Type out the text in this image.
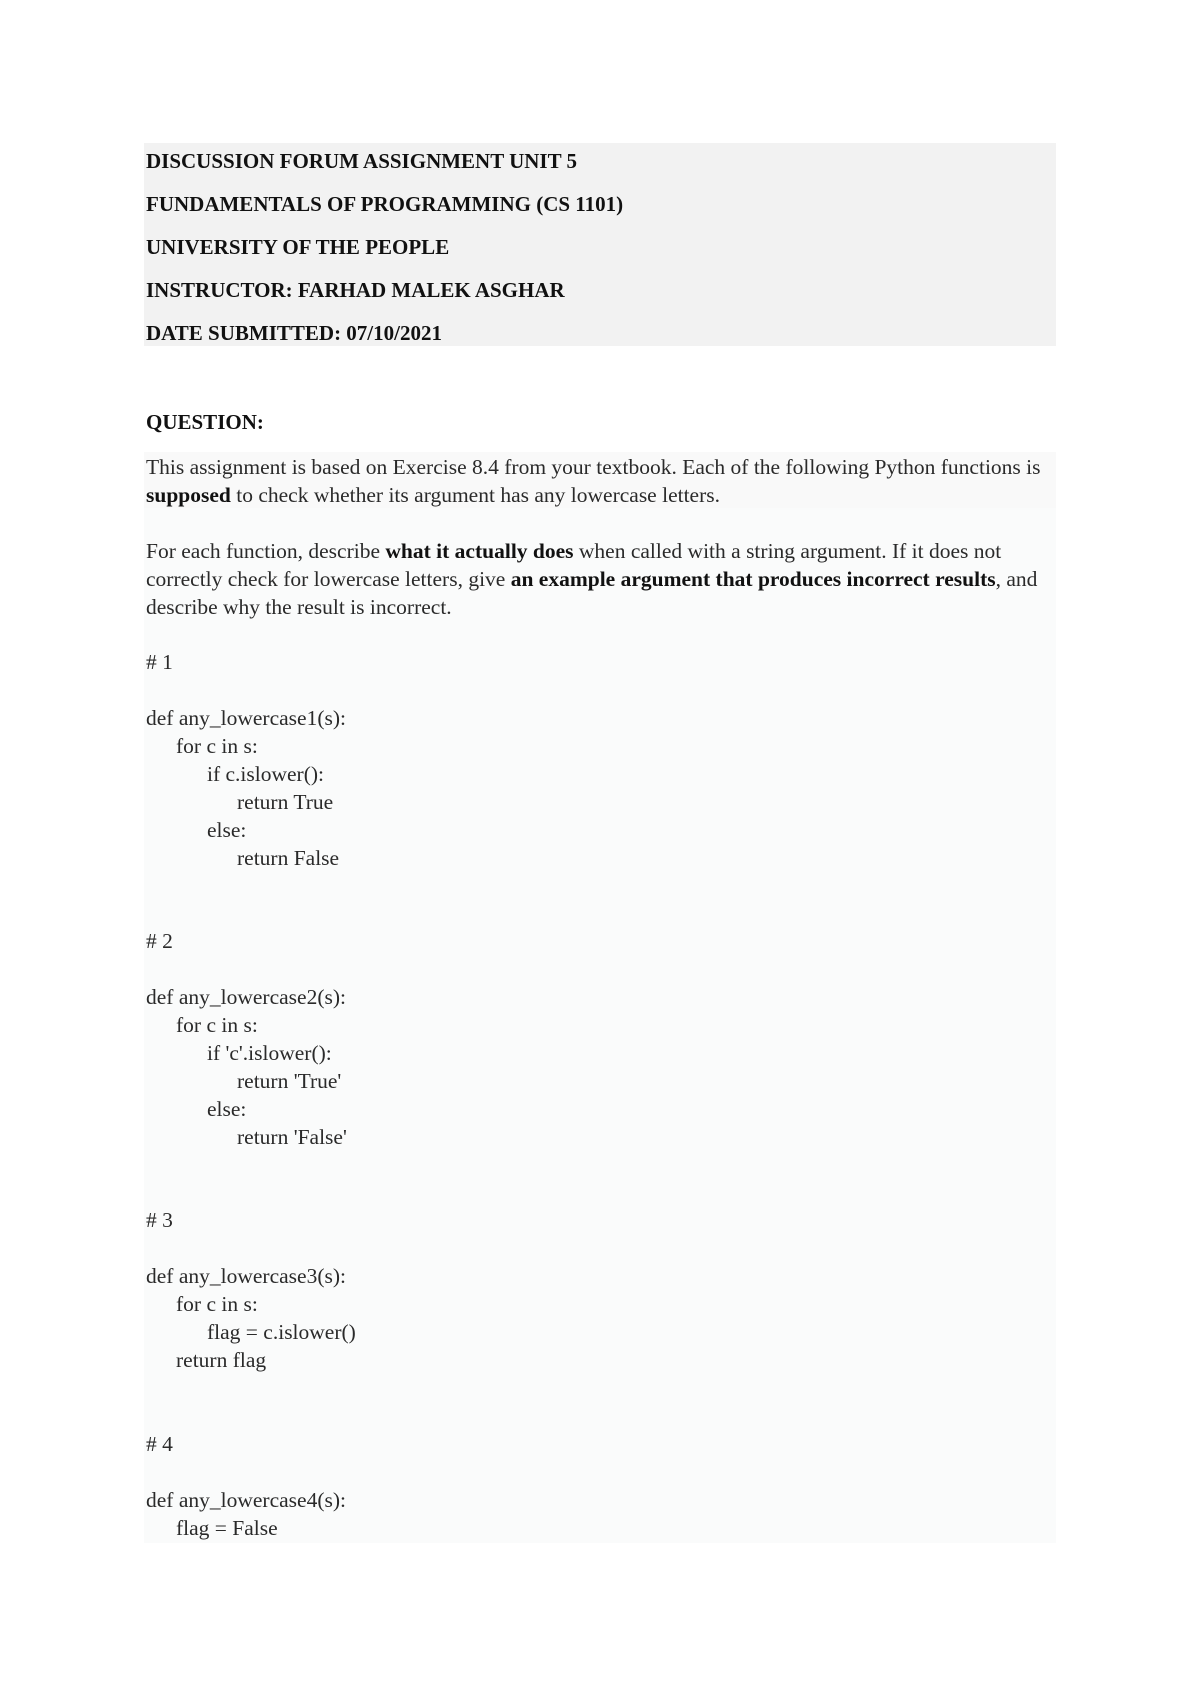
DISCUSSION FORUM ASSIGNMENT UNIT 5
FUNDAMENTALS OF PROGRAMMING (CS 1101)
UNIVERSITY OF THE PEOPLE
INSTRUCTOR: FARHAD MALEK ASGHAR
DATE SUBMITTED: 07/10/2021
QUESTION:

This assignment is based on Exercise 8.4 from your textbook. Each of the following Python functions is supposed to check whether its argument has any lowercase letters.

For each function, describe what it actually does when called with a string argument. If it does not correctly check for lowercase letters, give an example argument that produces incorrect results, and describe why the result is incorrect.

# 1
def any_lowercase1(s):
for c in s:
if c.islower():
return True
else:
return False
# 2
def any_lowercase2(s):
for c in s:
if 'c'.islower():
return 'True'
else:
return 'False'
# 3
def any_lowercase3(s):
for c in s:
flag = c.islower()
return flag
# 4
def any_lowercase4(s):
flag = False
